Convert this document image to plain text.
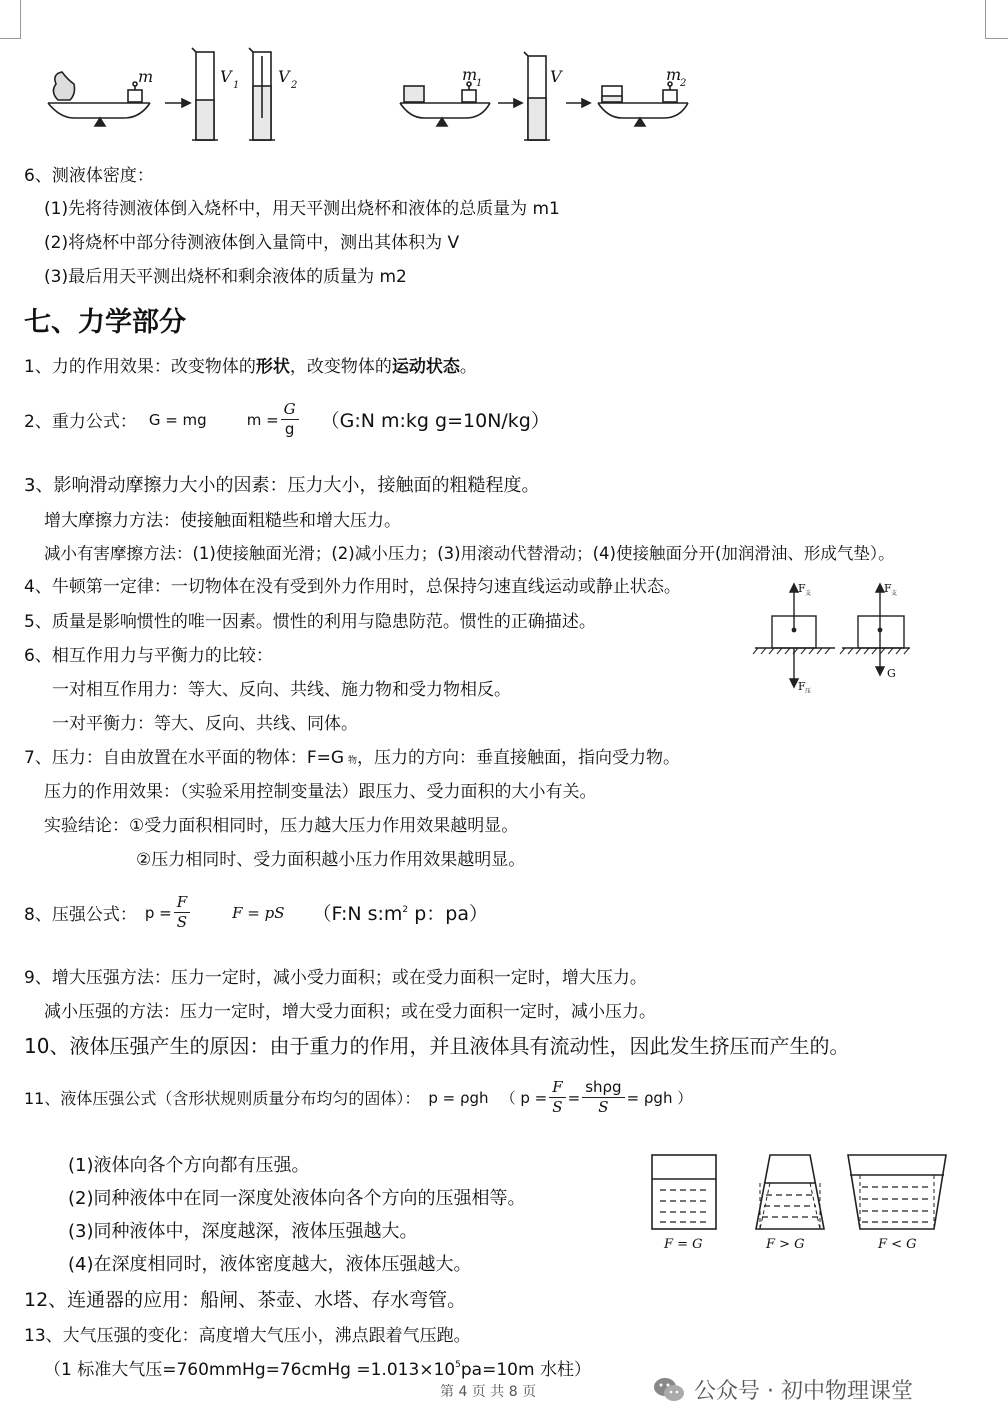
m	V 1 V 2
m
1	V	m
2
6、测液体密度：
(1)先将待测液体倒入烧杯中，用天平测出烧杯和液体的总质量为 m1
(2)将烧杯中部分待测液体倒入量筒中，测出其体积为 V
(3)最后用天平测出烧杯和剩余液体的质量为 m2
七、力学部分
1、力的作用效果：改变物体的形状，改变物体的运动状态。
2、重力公式： G = mg	$m = \frac{G}{g}$ （G:N m:kg g=10N/kg）
3、影响滑动摩擦力大小的因素：压力大小，接触面的粗糙程度。
增大摩擦力方法：使接触面粗糙些和增大压力。
减小有害摩擦方法：(1)使接触面光滑；(2)减小压力；(3)用滚动代替滑动；(4)使接触面分开(加润滑油、形成气垫）。
4、牛顿第一定律：一切物体在没有受到外力作用时，总保持匀速直线运动或静止状态。
5、质量是影响惯性的唯一因素。惯性的利用与隐患防范。惯性的正确描述。
6、相互作用力与平衡力的比较：
一对相互作用力：等大、反向、共线、施力物和受力物相反。
一对平衡力：等大、反向、共线、同体。
F 支
F 压
F 支
G
7、压力：自由放置在水平面的物体：F=G 物，压力的方向：垂直接触面，指向受力物。
压力的作用效果：（实验采用控制变量法）跟压力、受力面积的大小有关。
实验结论：①受力面积相同时，压力越大压力作用效果越明显。
②压力相同时、受力面积越小压力作用效果越明显。
8、压强公式： $p = \frac{F}{S}$	F = pS （F:N $s:m^2$ p：pa）
9、增大压强方法：压力一定时，减小受力面积；或在受力面积一定时，增大压力。
减小压强的方法：压力一定时，增大受力面积；或在受力面积一定时，减小压力。
10、液体压强产生的原因：由于重力的作用，并且液体具有流动性，因此发生挤压而产生的。
11、液体压强公式（含形状规则质量分布均匀的固体）： p = ρgh （ $p = \frac{F}{S} = \frac{\text{shρg}}{S} = \rho gh$ ）
(1)液体向各个方向都有压强。
(2)同种液体中在同一深度处液体向各个方向的压强相等。
(3)同种液体中，深度越深，液体压强越大。
(4)在深度相同时，液体密度越大，液体压强越大。
F = G	F > G	F < G
12、连通器的应用：船闸、茶壶、水塔、存水弯管。
13、大气压强的变化：高度增大气压小，沸点跟着气压跑。
（1 标准大气压=760mmHg=76cmHg $=1.013\times 10^5pa=10m$ 水柱）
第 4 页 共 8 页	公众号 · 初中物理课堂
